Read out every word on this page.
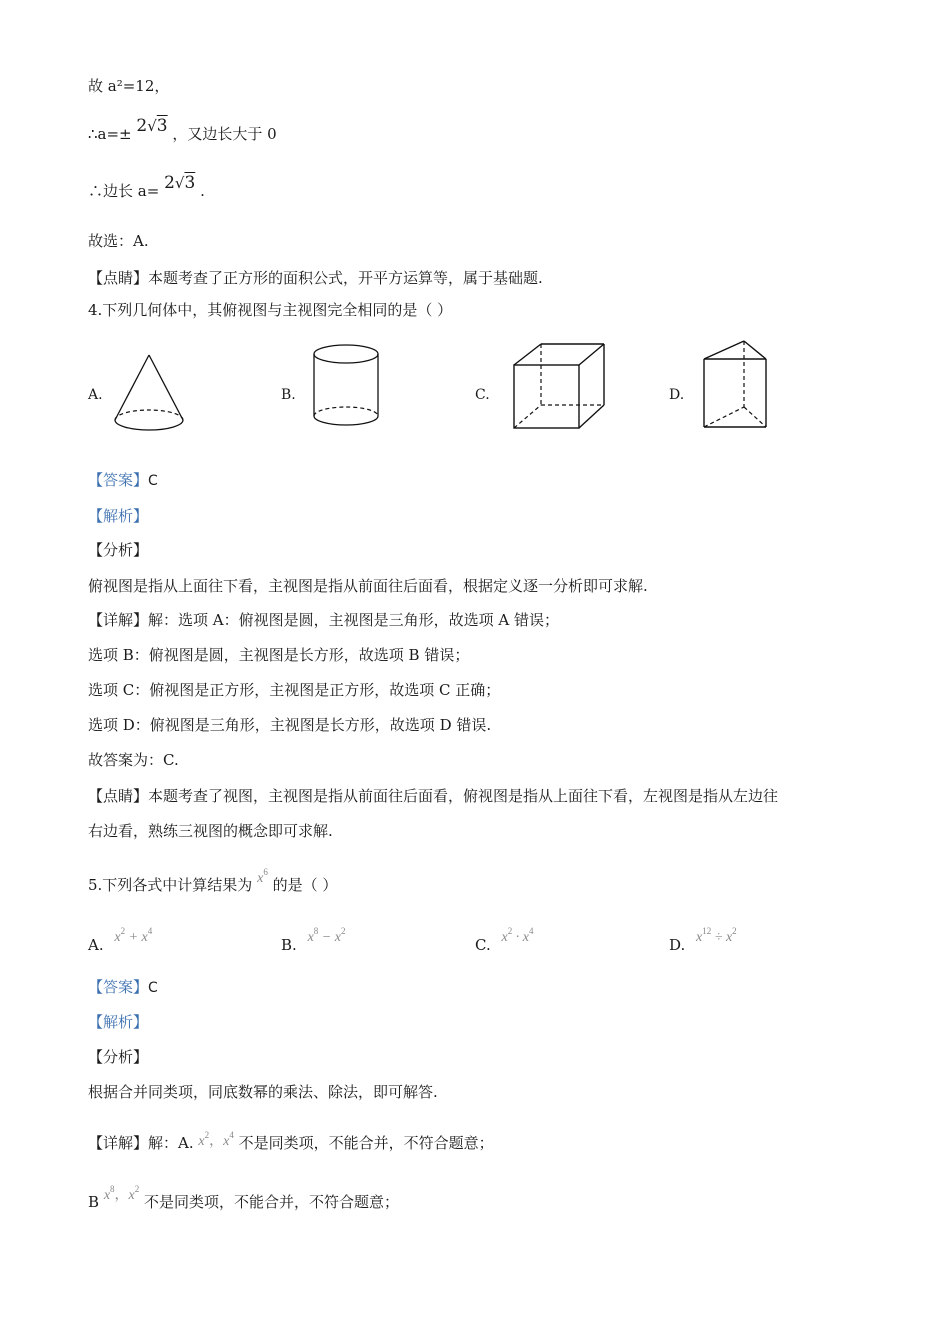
故 a²=12，
∴a=± 2√3 ，又边长大于 0
∴边长 a= 2√3 .
故选：A.
【点睛】本题考查了正方形的面积公式，开平方运算等，属于基础题.
4.下列几何体中，其俯视图与主视图完全相同的是（ ）
A.	B.	C.	D.
【答案】C
【解析】
【分析】
俯视图是指从上面往下看，主视图是指从前面往后面看，根据定义逐一分析即可求解.
【详解】解：选项 A：俯视图是圆，主视图是三角形，故选项 A 错误；
选项 B：俯视图是圆，主视图是长方形，故选项 B 错误；
选项 C：俯视图是正方形，主视图是正方形，故选项 C 正确；
选项 D：俯视图是三角形，主视图是长方形，故选项 D 错误.
故答案为：C.
【点睛】本题考查了视图，主视图是指从前面往后面看，俯视图是指从上面往下看，左视图是指从左边往
右边看，熟练三视图的概念即可求解.
5.下列各式中计算结果为 $x^6$ 的是（ ）
A. $x^2 + x^4$
B. $x^8 - x^2$
C. $x^2 \cdot x^4$
D. $x^{12} \div x^2$
【答案】C
【解析】
【分析】
根据合并同类项，同底数幂的乘法、除法，即可解答.
【详解】解：A. $x^2$，$x^4$ 不是同类项，不能合并，不符合题意；
B $x^8$，$x^2$ 不是同类项，不能合并，不符合题意；
